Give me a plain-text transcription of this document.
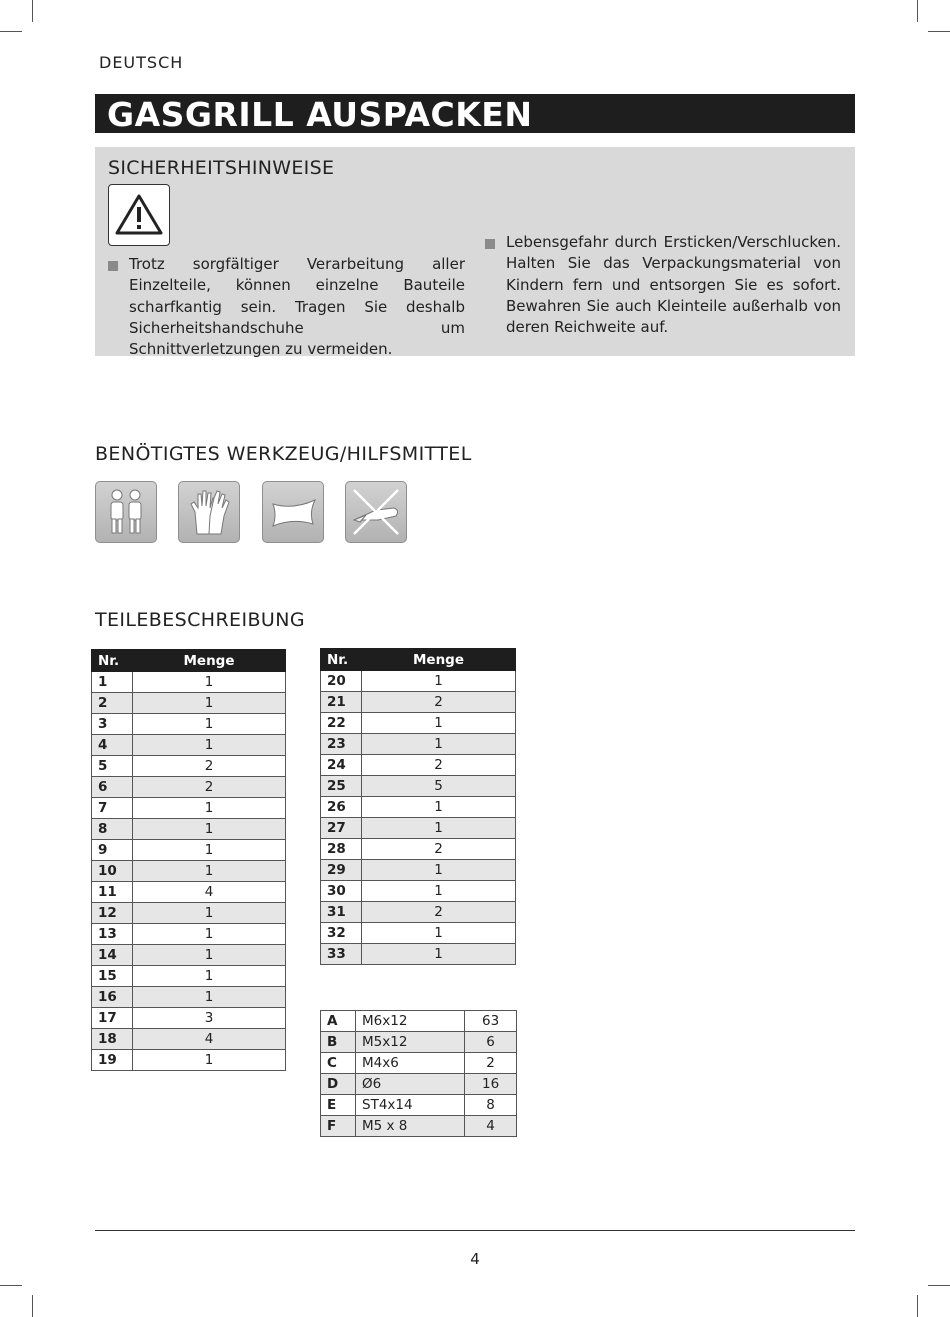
DEUTSCH
GASGRILL AUSPACKEN
SICHERHEITSHINWEISE
Trotz sorgfältiger Verarbeitung aller Einzelteile, können einzelne Bauteile scharfkantig sein. Tragen Sie deshalb Sicherheitshandschuhe um Schnittverletzungen zu vermeiden.
Lebensgefahr durch Ersticken/Verschlucken. Halten Sie das Verpackungsmaterial von Kindern fern und entsorgen Sie es sofort. Bewahren Sie auch Kleinteile außerhalb von deren Reichweite auf.
BENÖTIGTES WERKZEUG/HILFSMITTEL
TEILEBESCHREIBUNG
Nr.	Menge
1	1
2	1
3	1
4	1
5	2
6	2
7	1
8	1
9	1
10	1
11	4
12	1
13	1
14	1
15	1
16	1
17	3
18	4
19	1
Nr.	Menge
20	1
21	2
22	1
23	1
24	2
25	5
26	1
27	1
28	2
29	1
30	1
31	2
32	1
33	1
A	M6x12	63
B	M5x12	6
C	M4x6	2
D	Ø6	16
E	ST4x14	8
F	M5 x 8	4
4
